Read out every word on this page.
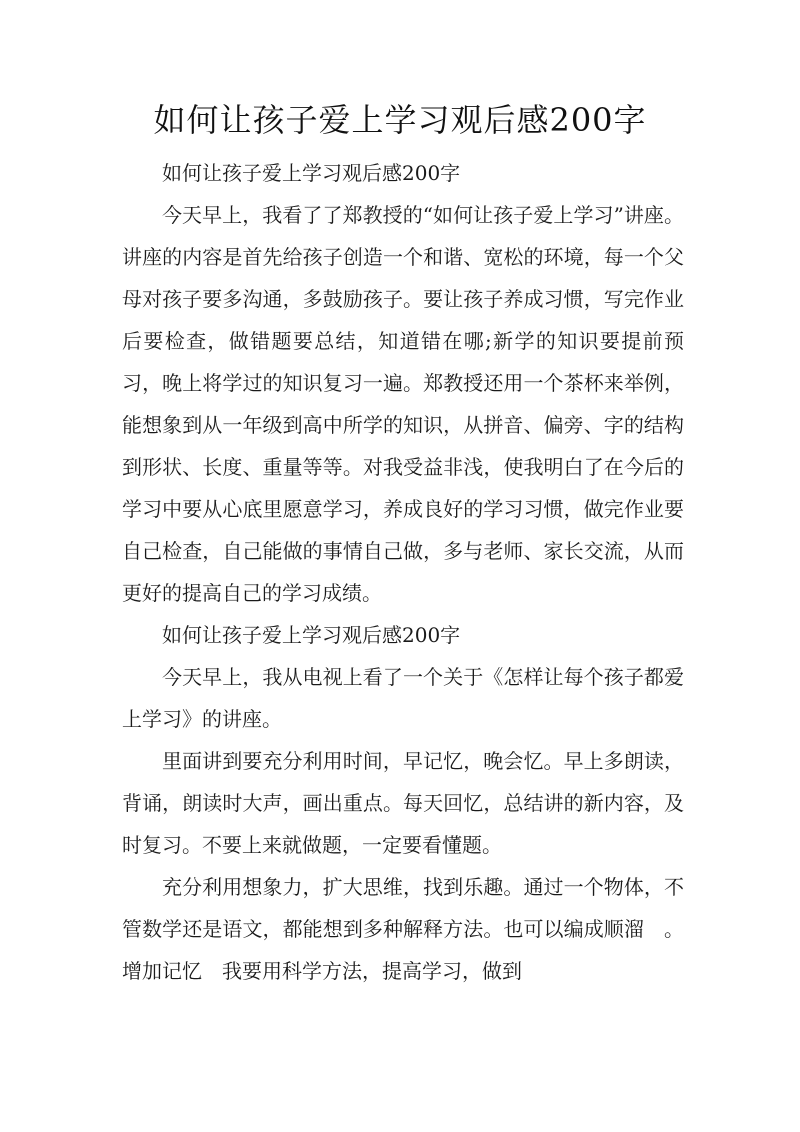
如何让孩子爱上学习观后感200字

如何让孩子爱上学习观后感200字

今天早上，我看了了郑教授的“如何让孩子爱上学习”讲座。讲座的内容是首先给孩子创造一个和谐、宽松的环境，每一个父母对孩子要多沟通，多鼓励孩子。要让孩子养成习惯，写完作业后要检查，做错题要总结，知道错在哪;新学的知识要提前预习，晚上将学过的知识复习一遍。郑教授还用一个茶杯来举例，能想象到从一年级到高中所学的知识，从拼音、偏旁、字的结构到形状、长度、重量等等。对我受益非浅，使我明白了在今后的学习中要从心底里愿意学习，养成良好的学习习惯，做完作业要自己检查，自己能做的事情自己做，多与老师、家长交流，从而更好的提高自己的学习成绩。

如何让孩子爱上学习观后感200字

今天早上，我从电视上看了一个关于《怎样让每个孩子都爱上学习》的讲座。

里面讲到要充分利用时间，早记忆，晚会忆。早上多朗读，背诵，朗读时大声，画出重点。每天回忆，总结讲的新内容，及时复习。不要上来就做题，一定要看懂题。

充分利用想象力，扩大思维，找到乐趣。通过一个物体，不管数学还是语文，都能想到多种解释方法。也可以编成顺溜　。增加记忆　我要用科学方法，提高学习，做到
